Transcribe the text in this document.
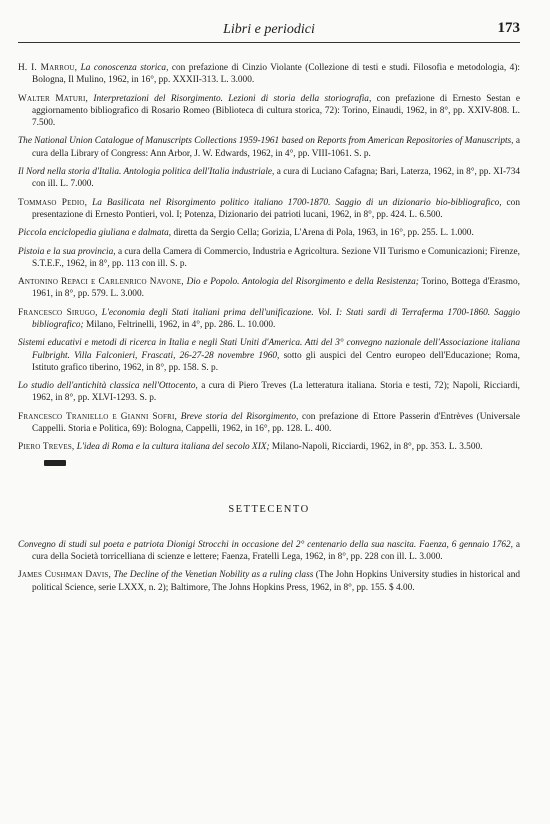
Libri e periodici	173

H. I. Marrou, La conoscenza storica, con prefazione di Cinzio Violante (Collezione di testi e studi. Filosofia e metodologia, 4): Bologna, Il Mulino, 1962, in 16°, pp. XXXII-313. L. 3.000.

Walter Maturi, Interpretazioni del Risorgimento. Lezioni di storia della storiografia, con prefazione di Ernesto Sestan e aggiornamento bibliografico di Rosario Romeo (Biblioteca di cultura storica, 72): Torino, Einaudi, 1962, in 8°, pp. XXIV-808. L. 7.500.

The National Union Catalogue of Manuscripts Collections 1959-1961 based on Reports from American Repositories of Manuscripts, a cura della Library of Congress: Ann Arbor, J. W. Edwards, 1962, in 4°, pp. VIII-1061. S. p.

Il Nord nella storia d'Italia. Antologia politica dell'Italia industriale, a cura di Luciano Cafagna; Bari, Laterza, 1962, in 8°, pp. XI-734 con ill. L. 7.000.

Tommaso Pedio, La Basilicata nel Risorgimento politico italiano 1700-1870. Saggio di un dizionario bio-bibliografico, con presentazione di Ernesto Pontieri, vol. I; Potenza, Dizionario dei patrioti lucani, 1962, in 8°, pp. 424. L. 6.500.

Piccola enciclopedia giuliana e dalmata, diretta da Sergio Cella; Gorizia, L'Arena di Pola, 1963, in 16°, pp. 255. L. 1.000.

Pistoia e la sua provincia, a cura della Camera di Commercio, Industria e Agricoltura. Sezione VII Turismo e Comunicazioni; Firenze, S.T.E.F., 1962, in 8°, pp. 113 con ill. S. p.

Antonino Repaci e Carlenrico Navone, Dio e Popolo. Antologia del Risorgimento e della Resistenza; Torino, Bottega d'Erasmo, 1961, in 8°, pp. 579. L. 3.000.

Francesco Sirugo, L'economia degli Stati italiani prima dell'unificazione. Vol. I: Stati sardi di Terraferma 1700-1860. Saggio bibliografico; Milano, Feltrinelli, 1962, in 4°, pp. 286. L. 10.000.

Sistemi educativi e metodi di ricerca in Italia e negli Stati Uniti d'America. Atti del 3° convegno nazionale dell'Associazione italiana Fulbright. Villa Falconieri, Frascati, 26-27-28 novembre 1960, sotto gli auspici del Centro europeo dell'Educazione; Roma, Istituto grafico tiberino, 1962, in 8°, pp. 158. S. p.

Lo studio dell'antichità classica nell'Ottocento, a cura di Piero Treves (La letteratura italiana. Storia e testi, 72); Napoli, Ricciardi, 1962, in 8°, pp. XLVI-1293. S. p.

Francesco Traniello e Gianni Sofri, Breve storia del Risorgimento, con prefazione di Ettore Passerin d'Entrèves (Universale Cappelli. Storia e Politica, 69): Bologna, Cappelli, 1962, in 16°, pp. 128. L. 400.

Piero Treves, L'idea di Roma e la cultura italiana del secolo XIX; Milano-Napoli, Ricciardi, 1962, in 8°, pp. 353. L. 3.500.

SETTECENTO

Convegno di studi sul poeta e patriota Dionigi Strocchi in occasione del 2° centenario della sua nascita. Faenza, 6 gennaio 1762, a cura della Società torricelliana di scienze e lettere; Faenza, Fratelli Lega, 1962, in 8°, pp. 228 con ill. L. 3.000.

James Cushman Davis, The Decline of the Venetian Nobility as a ruling class (The John Hopkins University studies in historical and political Science, serie LXXX, n. 2); Baltimore, The Johns Hopkins Press, 1962, in 8°, pp. 155. $ 4.00.
